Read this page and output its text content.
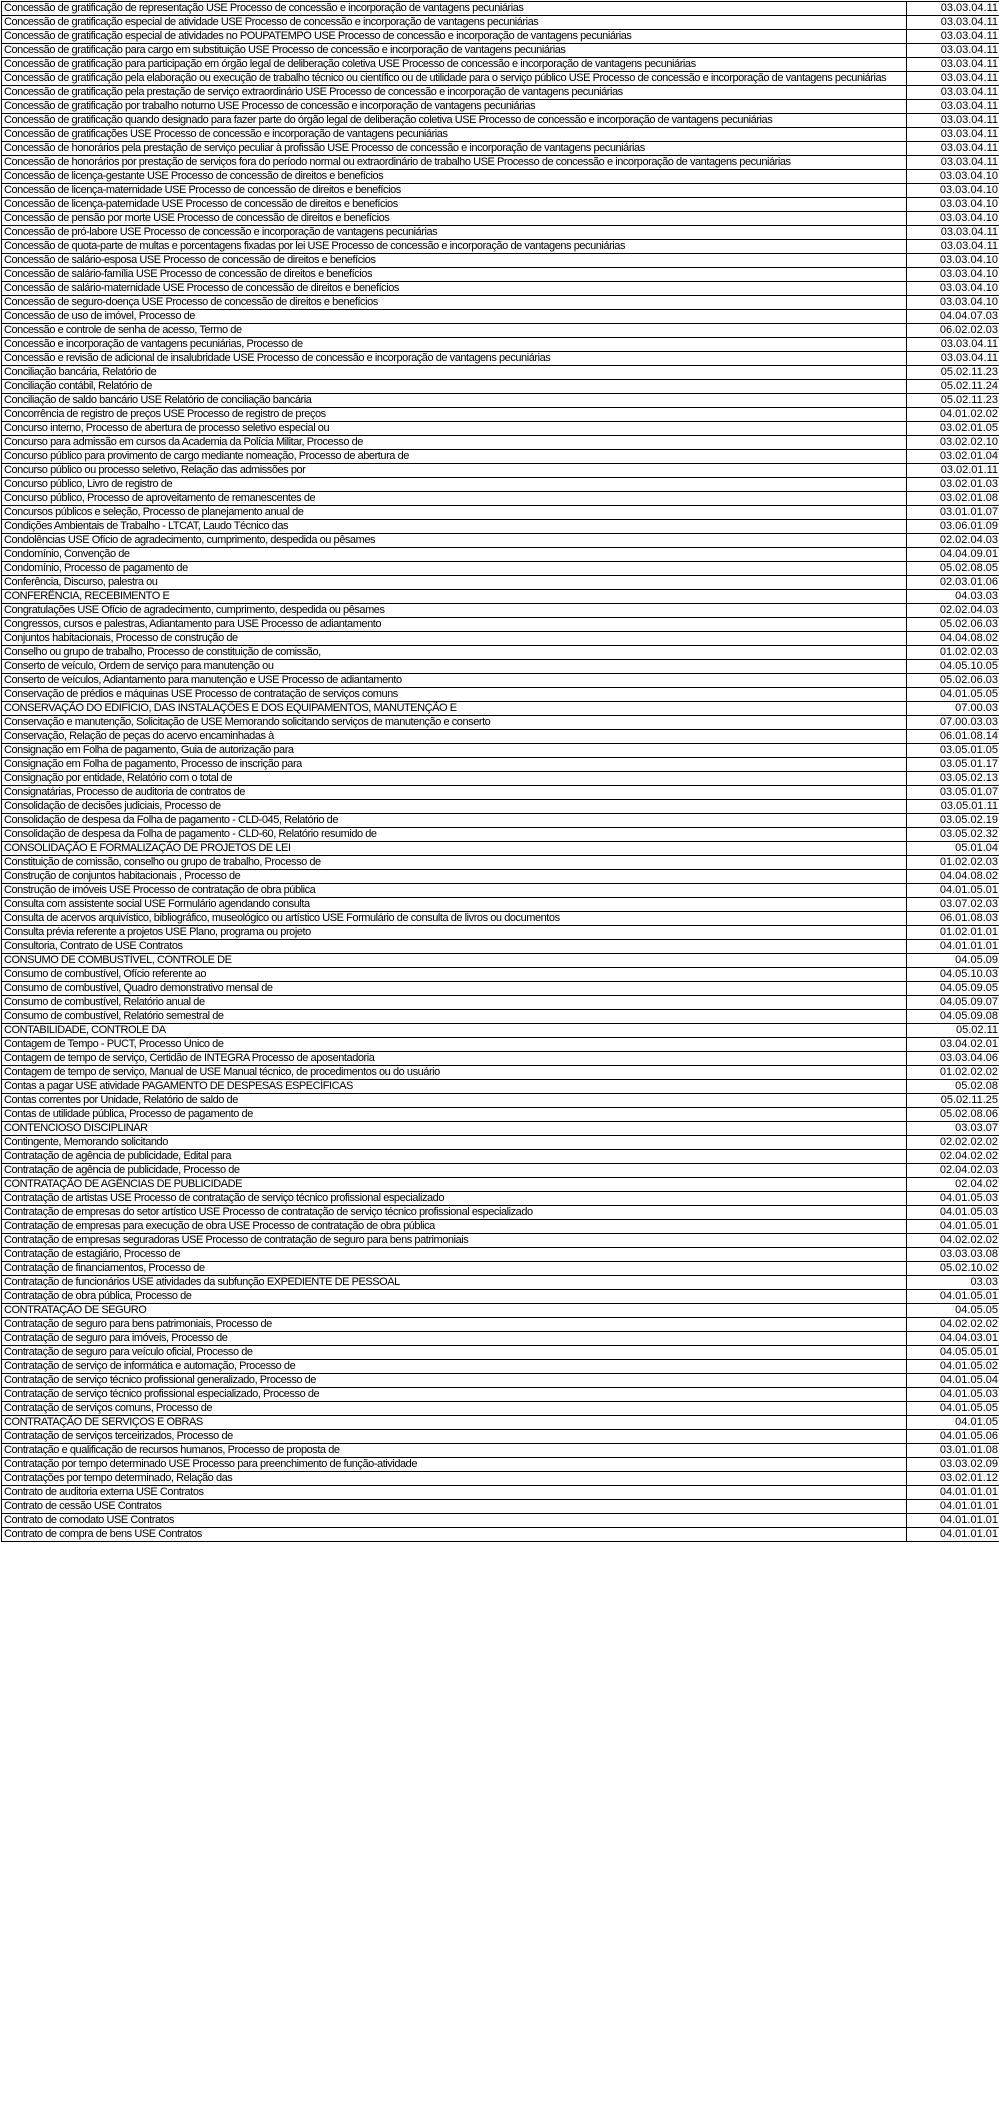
Concessão de gratificação de representação USE Processo de concessão e incorporação de vantagens pecuniárias	03.03.04.11
Concessão de gratificação especial de atividade USE Processo de concessão e incorporação de vantagens pecuniárias	03.03.04.11
Concessão de gratificação especial de atividades no POUPATEMPO USE Processo de concessão e incorporação de vantagens pecuniárias	03.03.04.11
Concessão de gratificação para cargo em substituição USE Processo de concessão e incorporação de vantagens pecuniárias	03.03.04.11
Concessão de gratificação para participação em órgão legal de deliberação coletiva USE Processo de concessão e incorporação de vantagens pecuniárias	03.03.04.11
Concessão de gratificação pela elaboração ou execução de trabalho técnico ou científico ou de utilidade para o serviço público USE Processo de concessão e incorporação de vantagens pecuniárias	03.03.04.11
Concessão de gratificação pela prestação de serviço extraordinário USE Processo de concessão e incorporação de vantagens pecuniárias	03.03.04.11
Concessão de gratificação por trabalho noturno USE Processo de concessão e incorporação de vantagens pecuniárias	03.03.04.11
Concessão de gratificação quando designado para fazer parte do órgão legal de deliberação coletiva USE Processo de concessão e incorporação de vantagens pecuniárias	03.03.04.11
Concessão de gratificações USE Processo de concessão e incorporação de vantagens pecuniárias	03.03.04.11
Concessão de honorários pela prestação de serviço peculiar à profissão USE Processo de concessão e incorporação de vantagens pecuniárias	03.03.04.11
Concessão de honorários por prestação de serviços fora do período normal ou extraordinário de trabalho USE Processo de concessão e incorporação de vantagens pecuniárias	03.03.04.11
Concessão de licença-gestante USE Processo de concessão de direitos e benefícios	03.03.04.10
Concessão de licença-maternidade USE Processo de concessão de direitos e benefícios	03.03.04.10
Concessão de licença-paternidade USE Processo de concessão de direitos e benefícios	03.03.04.10
Concessão de pensão por morte USE Processo de concessão de direitos e benefícios	03.03.04.10
Concessão de pró-labore USE Processo de concessão e incorporação de vantagens pecuniárias	03.03.04.11
Concessão de quota-parte de multas e porcentagens fixadas por lei USE Processo de concessão e incorporação de vantagens pecuniárias	03.03.04.11
Concessão de salário-esposa USE Processo de concessão de direitos e benefícios	03.03.04.10
Concessão de salário-família USE Processo de concessão de direitos e benefícios	03.03.04.10
Concessão de salário-maternidade USE Processo de concessão de direitos e benefícios	03.03.04.10
Concessão de seguro-doença USE Processo de concessão de direitos e benefícios	03.03.04.10
Concessão de uso de imóvel, Processo de	04.04.07.03
Concessão e controle de senha de acesso, Termo de	06.02.02.03
Concessão e incorporação de vantagens pecuniárias, Processo de	03.03.04.11
Concessão e revisão de adicional de insalubridade USE Processo de concessão e incorporação de vantagens pecuniárias	03.03.04.11
Conciliação bancária, Relatório de	05.02.11.23
Conciliação contábil, Relatório de	05.02.11.24
Conciliação de saldo bancário USE Relatório de conciliação bancária	05.02.11.23
Concorrência de registro de preços USE Processo de registro de preços	04.01.02.02
Concurso interno, Processo de abertura de processo seletivo especial ou	03.02.01.05
Concurso para admissão em cursos da Academia da Polícia Militar, Processo de	03.02.02.10
Concurso público para provimento de cargo mediante nomeação, Processo de abertura de	03.02.01.04
Concurso público ou processo seletivo, Relação das admissões por	03.02.01.11
Concurso público, Livro de registro de	03.02.01.03
Concurso público, Processo de aproveitamento de remanescentes de	03.02.01.08
Concursos públicos e seleção, Processo de planejamento anual de	03.01.01.07
Condições Ambientais de Trabalho - LTCAT, Laudo Técnico das	03.06.01.09
Condolências USE Ofício de agradecimento, cumprimento, despedida ou pêsames	02.02.04.03
Condomínio, Convenção de	04.04.09.01
Condomínio, Processo de pagamento de	05.02.08.05
Conferência, Discurso, palestra ou	02.03.01.06
CONFERÊNCIA, RECEBIMENTO E	04.03.03
Congratulações USE Ofício de agradecimento, cumprimento, despedida ou pêsames	02.02.04.03
Congressos, cursos e palestras, Adiantamento para USE Processo de adiantamento	05.02.06.03
Conjuntos habitacionais, Processo de construção de	04.04.08.02
Conselho ou grupo de trabalho, Processo de constituição de comissão,	01.02.02.03
Conserto de veículo, Ordem de serviço para manutenção ou	04.05.10.05
Conserto de veículos, Adiantamento para manutenção e USE Processo de adiantamento	05.02.06.03
Conservação de prédios e máquinas USE Processo de contratação de serviços comuns	04.01.05.05
CONSERVAÇÃO DO EDIFÍCIO, DAS INSTALAÇÕES E DOS EQUIPAMENTOS, MANUTENÇÃO E	07.00.03
Conservação e manutenção, Solicitação de USE Memorando solicitando serviços de manutenção e conserto	07.00.03.03
Conservação, Relação de peças do acervo encaminhadas à	06.01.08.14
Consignação em Folha de pagamento, Guia de autorização para	03.05.01.05
Consignação em Folha de pagamento, Processo de inscrição para	03.05.01.17
Consignação por entidade, Relatório com o total de	03.05.02.13
Consignatárias, Processo de auditoria de contratos de	03.05.01.07
Consolidação de decisões judiciais, Processo de	03.05.01.11
Consolidação de despesa da Folha de pagamento - CLD-045, Relatório de	03.05.02.19
Consolidação de despesa da Folha de pagamento - CLD-60, Relatório resumido de	03.05.02.32
CONSOLIDAÇÃO E FORMALIZAÇÃO DE PROJETOS DE LEI	05.01.04
Constituição de comissão, conselho ou grupo de trabalho, Processo de	01.02.02.03
Construção de conjuntos habitacionais , Processo de	04.04.08.02
Construção de imóveis USE Processo de contratação de obra pública	04.01.05.01
Consulta com assistente social USE Formulário agendando consulta	03.07.02.03
Consulta de acervos arquivístico, bibliográfico, museológico ou artístico USE Formulário de consulta de livros ou documentos	06.01.08.03
Consulta prévia referente a projetos USE Plano, programa ou projeto	01.02.01.01
Consultoria, Contrato de USE Contratos	04.01.01.01
CONSUMO DE COMBUSTÍVEL, CONTROLE DE	04.05.09
Consumo de combustível, Ofício referente ao	04.05.10.03
Consumo de combustível, Quadro demonstrativo mensal de	04.05.09.05
Consumo de combustível, Relatório anual de	04.05.09.07
Consumo de combustível, Relatório semestral de	04.05.09.08
CONTABILIDADE, CONTROLE DA	05.02.11
Contagem de Tempo - PUCT, Processo Único de	03.04.02.01
Contagem de tempo de serviço, Certidão de INTEGRA Processo de aposentadoria	03.03.04.06
Contagem de tempo de serviço, Manual de USE Manual técnico, de procedimentos ou do usuário	01.02.02.02
Contas a pagar USE atividade PAGAMENTO DE DESPESAS ESPECÍFICAS	05.02.08
Contas correntes por Unidade, Relatório de saldo de	05.02.11.25
Contas de utilidade pública, Processo de pagamento de	05.02.08.06
CONTENCIOSO DISCIPLINAR	03.03.07
Contingente, Memorando solicitando	02.02.02.02
Contratação de agência de publicidade, Edital para	02.04.02.02
Contratação de agência de publicidade, Processo de	02.04.02.03
CONTRATAÇÃO DE AGÊNCIAS DE PUBLICIDADE	02.04.02
Contratação de artistas USE Processo de contratação de serviço técnico profissional especializado	04.01.05.03
Contratação de empresas do setor artístico USE Processo de contratação de serviço técnico profissional especializado	04.01.05.03
Contratação de empresas para execução de obra USE Processo de contratação de obra pública	04.01.05.01
Contratação de empresas seguradoras USE Processo de contratação de seguro para bens patrimoniais	04.02.02.02
Contratação de estagiário, Processo de	03.03.03.08
Contratação de financiamentos, Processo de	05.02.10.02
Contratação de funcionários USE atividades da subfunção EXPEDIENTE DE PESSOAL	03.03
Contratação de obra pública, Processo de	04.01.05.01
CONTRATAÇÃO DE SEGURO	04.05.05
Contratação de seguro para bens patrimoniais, Processo de	04.02.02.02
Contratação de seguro para imóveis, Processo de	04.04.03.01
Contratação de seguro para veículo oficial, Processo de	04.05.05.01
Contratação de serviço de informática e automação, Processo de	04.01.05.02
Contratação de serviço técnico profissional generalizado, Processo de	04.01.05.04
Contratação de serviço técnico profissional especializado, Processo de	04.01.05.03
Contratação de serviços comuns, Processo de	04.01.05.05
CONTRATAÇÃO DE SERVIÇOS E OBRAS	04.01.05
Contratação de serviços terceirizados, Processo de	04.01.05.06
Contratação e qualificação de recursos humanos, Processo de proposta de	03.01.01.08
Contratação por tempo determinado USE Processo para preenchimento de função-atividade	03.03.02.09
Contratações por tempo determinado, Relação das	03.02.01.12
Contrato de auditoria externa USE Contratos	04.01.01.01
Contrato de cessão USE Contratos	04.01.01.01
Contrato de comodato USE Contratos	04.01.01.01
Contrato de compra de bens USE Contratos	04.01.01.01
